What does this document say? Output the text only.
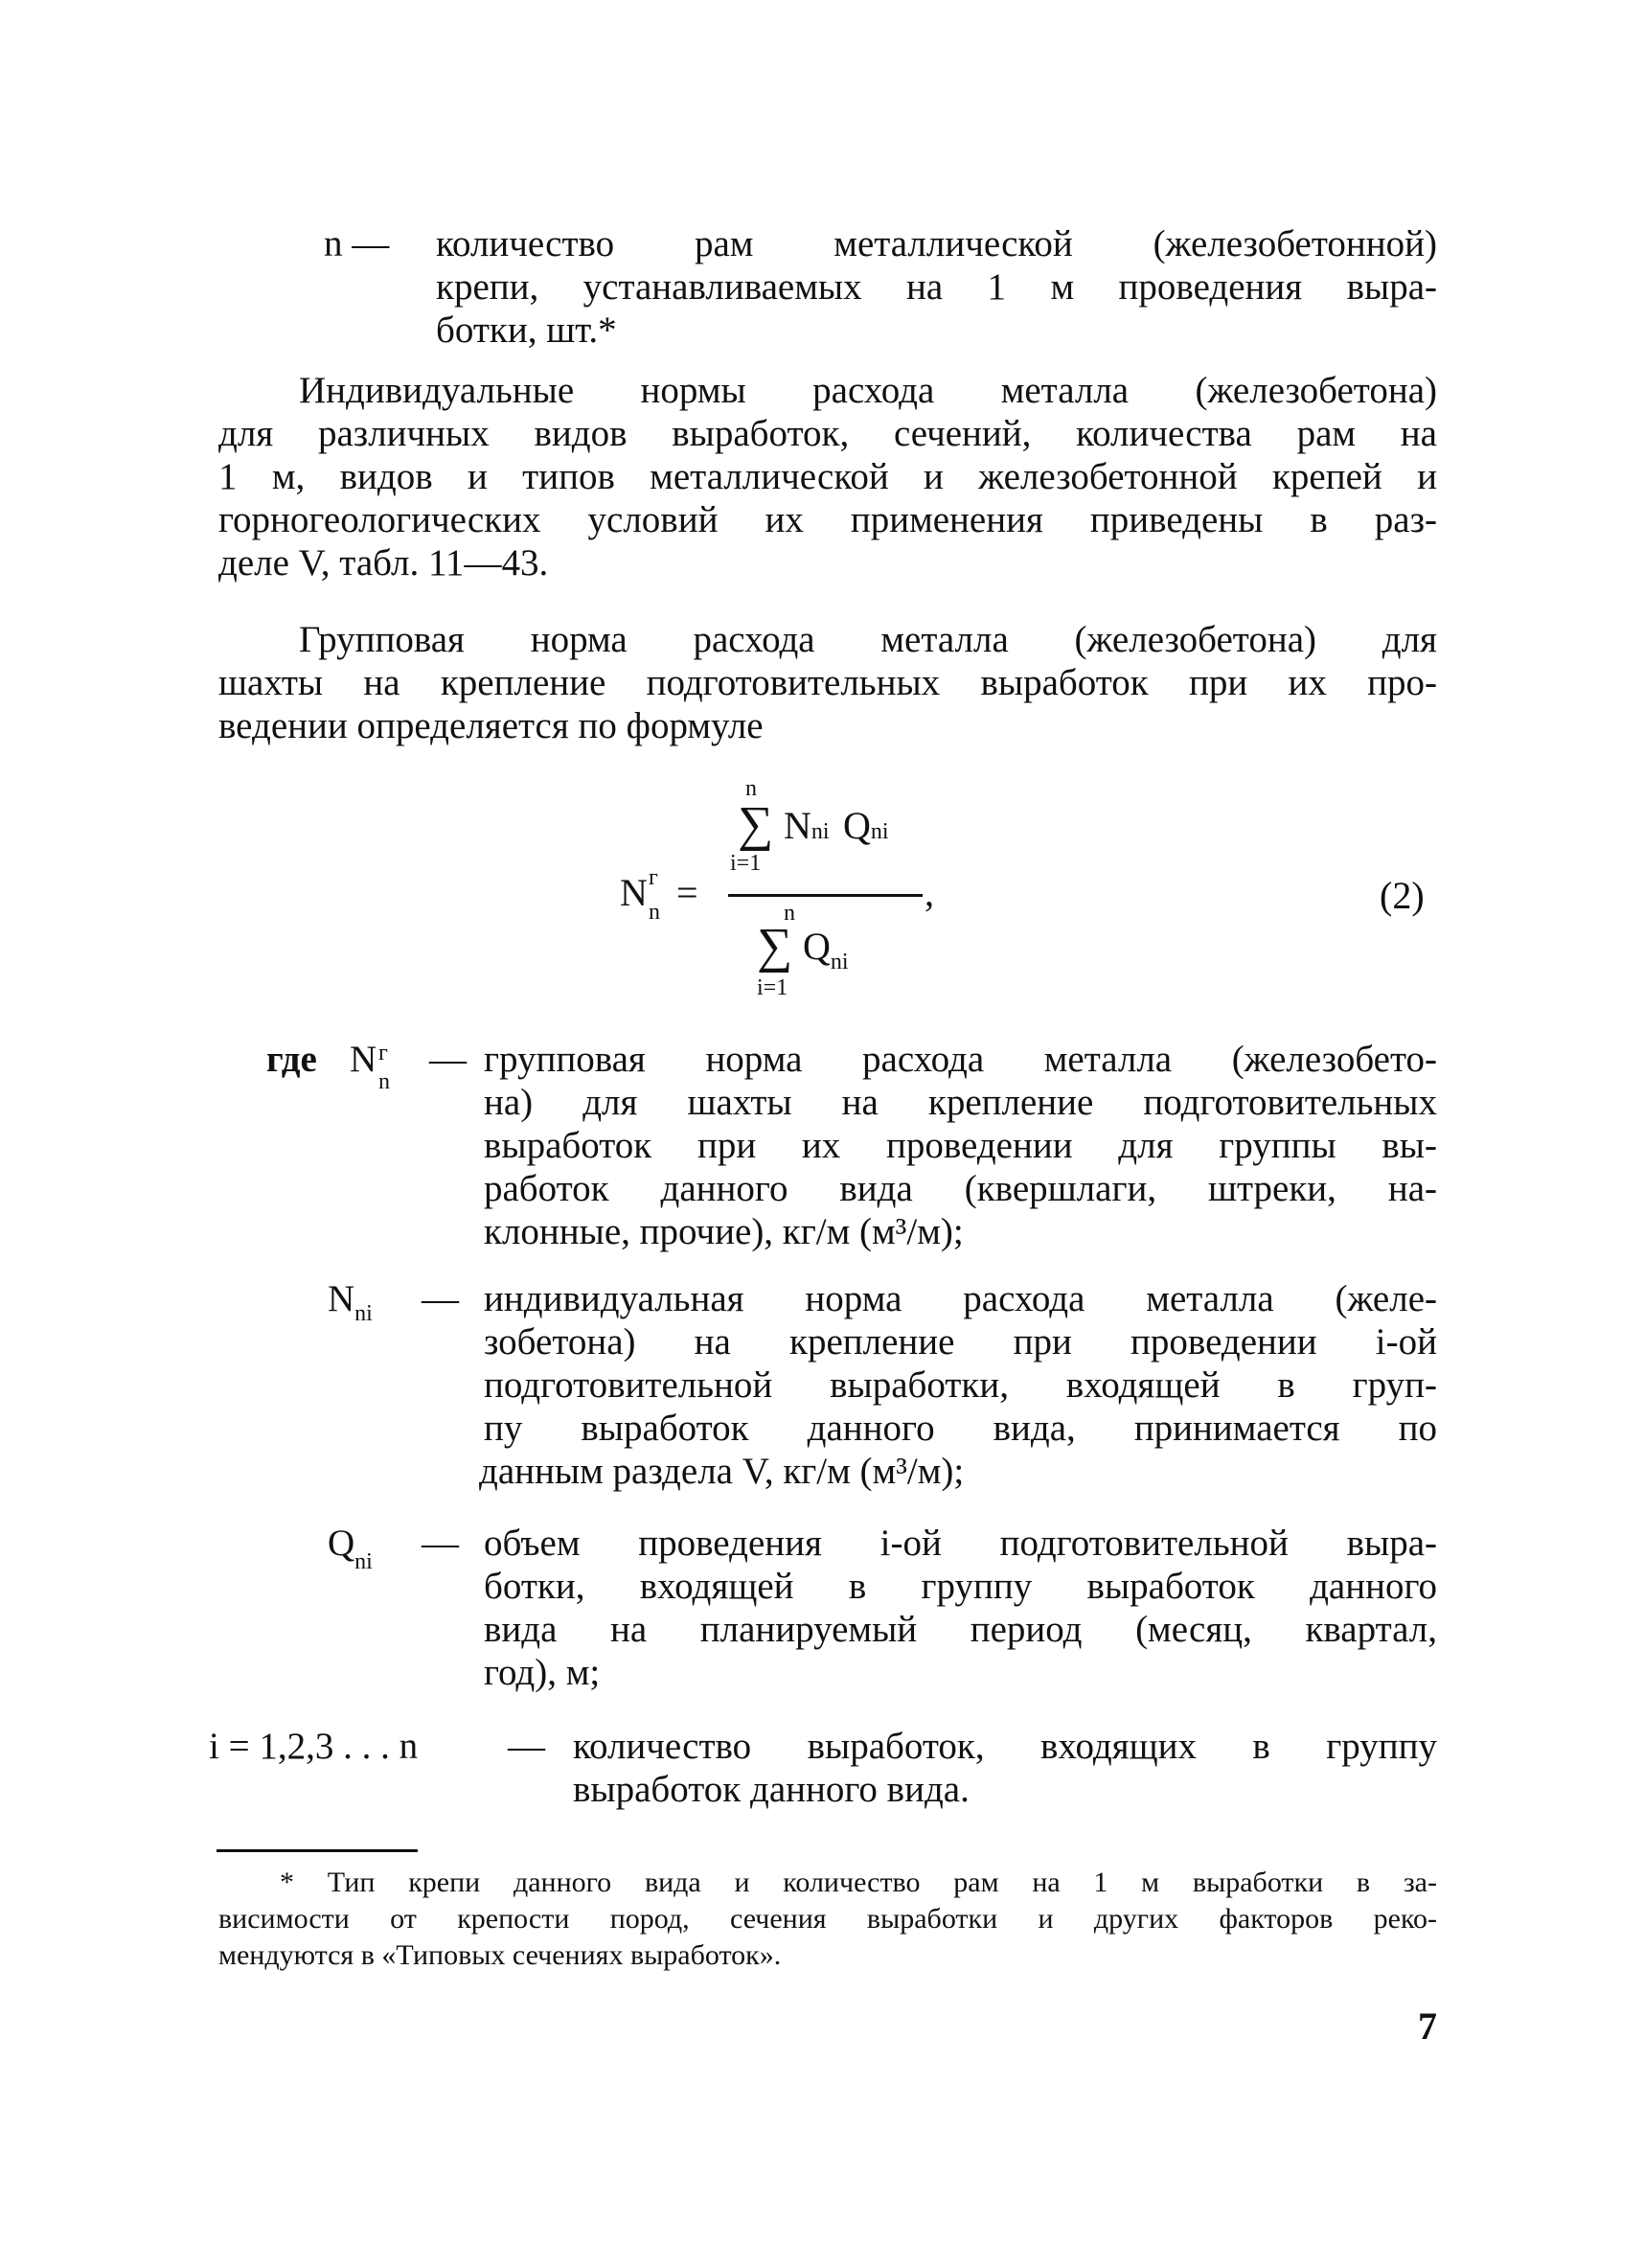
n — количество рам металлической (железобетонной)
крепи, устанавливаемых на 1 м проведения выра-
ботки, шт.*
Индивидуальные нормы расхода металла (железобетона)
для различных видов выработок, сечений, количества рам на
1 м, видов и типов металлической и железобетонной крепей и
горногеологических условий их применения приведены в раз-
деле V, табл. 11—43.
Групповая норма расхода металла (железобетона) для
шахты на крепление подготовительных выработок при их про-
ведении определяется по формуле
N г
n =
n
∑
i=1
Nni Qni
,
n
∑
i=1
$Q_{ni}$
(2)
где N г
n
— групповая норма расхода металла (железобето-
на) для шахты на крепление подготовительных
выработок при их проведении для группы вы-
работок данного вида (квершлаги, штреки, на-
клонные, прочие), кг/м (м³/м);
$N_{ni}$ — индивидуальная норма расхода металла (желе-
зобетона) на крепление при проведении i-ой
подготовительной выработки, входящей в груп-
пу выработок данного вида, принимается по
данным раздела V, кг/м (м³/м);
$Q_{ni}$ — объем проведения i-ой подготовительной выра-
ботки, входящей в группу выработок данного
вида на планируемый период (месяц, квартал,
год), м;
i = 1,2,3 . . . n — количество выработок, входящих в группу
выработок данного вида.
* Тип крепи данного вида и количество рам на 1 м выработки в за-
висимости от крепости пород, сечения выработки и других факторов реко-
мендуются в «Типовых сечениях выработок».
7
